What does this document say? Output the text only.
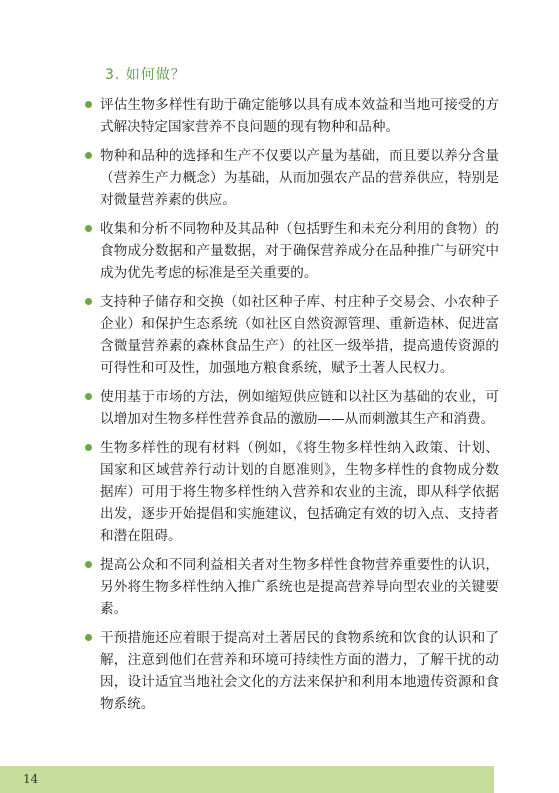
3. 如何做？
评估生物多样性有助于确定能够以具有成本效益和当地可接受的方式解决特定国家营养不良问题的现有物种和品种。
物种和品种的选择和生产不仅要以产量为基础，而且要以养分含量（营养生产力概念）为基础，从而加强农产品的营养供应，特别是对微量营养素的供应。
收集和分析不同物种及其品种（包括野生和未充分利用的食物）的食物成分数据和产量数据，对于确保营养成分在品种推广与研究中成为优先考虑的标准是至关重要的。
支持种子储存和交换（如社区种子库、村庄种子交易会、小农种子企业）和保护生态系统（如社区自然资源管理、重新造林、促进富含微量营养素的森林食品生产）的社区一级举措，提高遗传资源的可得性和可及性，加强地方粮食系统，赋予土著人民权力。
使用基于市场的方法，例如缩短供应链和以社区为基础的农业，可以增加对生物多样性营养食品的激励——从而刺激其生产和消费。
生物多样性的现有材料（例如，《将生物多样性纳入政策、计划、国家和区域营养行动计划的自愿准则》，生物多样性的食物成分数据库）可用于将生物多样性纳入营养和农业的主流，即从科学依据出发，逐步开始提倡和实施建议，包括确定有效的切入点、支持者和潜在阻碍。
提高公众和不同利益相关者对生物多样性食物营养重要性的认识，另外将生物多样性纳入推广系统也是提高营养导向型农业的关键要素。
干预措施还应着眼于提高对土著居民的食物系统和饮食的认识和了解，注意到他们在营养和环境可持续性方面的潜力，了解干扰的动因，设计适宜当地社会文化的方法来保护和利用本地遗传资源和食物系统。
14
